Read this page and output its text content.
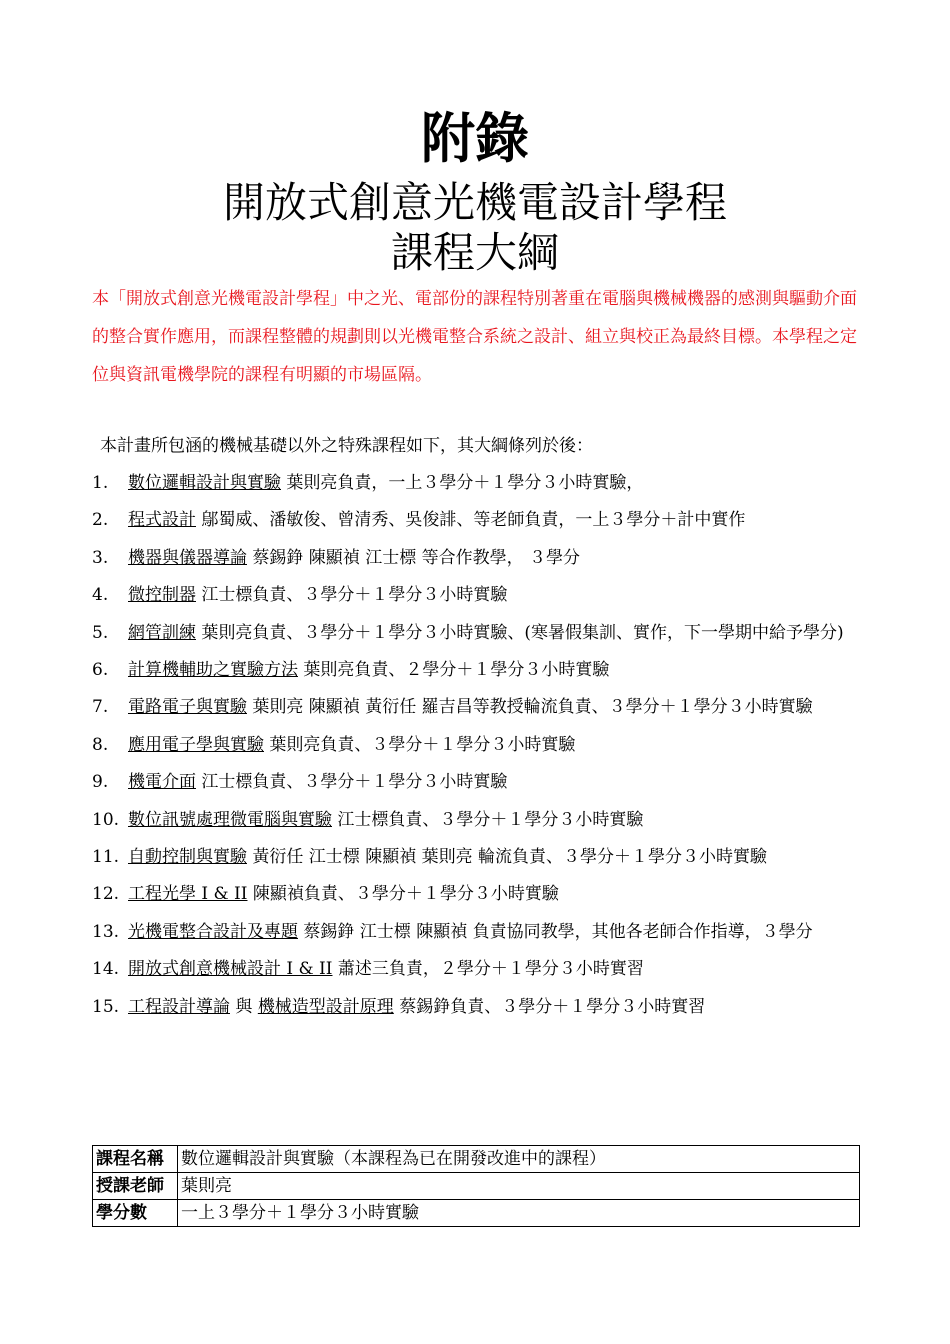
附錄
開放式創意光機電設計學程
課程大綱

本「開放式創意光機電設計學程」中之光、電部份的課程特別著重在電腦與機械機器的感測與驅動介面的整合實作應用，而課程整體的規劃則以光機電整合系統之設計、組立與校正為最終目標。本學程之定位與資訊電機學院的課程有明顯的市場區隔。

本計畫所包涵的機械基礎以外之特殊課程如下，其大綱條列於後：

1.	數位邏輯設計與實驗 葉則亮負責，一上３學分＋１學分３小時實驗，
2.	程式設計 鄔蜀威、潘敏俊、曾清秀、吳俊誹、等老師負責，一上３學分＋計中實作
3.	機器與儀器導論 蔡錫錚 陳顯禎 江士標 等合作教學， ３學分
4.	微控制器 江士標負責、３學分＋１學分３小時實驗
5.	網管訓練 葉則亮負責、３學分＋１學分３小時實驗、(寒暑假集訓、實作，下一學期中給予學分)
6.	計算機輔助之實驗方法 葉則亮負責、２學分＋１學分３小時實驗
7.	電路電子與實驗 葉則亮 陳顯禎 黃衍任 羅吉昌等教授輪流負責、３學分＋１學分３小時實驗
8.	應用電子學與實驗 葉則亮負責、３學分＋１學分３小時實驗
9.	機電介面 江士標負責、３學分＋１學分３小時實驗
10. 數位訊號處理微電腦與實驗 江士標負責、３學分＋１學分３小時實驗
11. 自動控制與實驗 黃衍任 江士標 陳顯禎 葉則亮 輪流負責、３學分＋１學分３小時實驗
12. 工程光學 I & II 陳顯禎負責、３學分＋１學分３小時實驗
13. 光機電整合設計及專題 蔡錫錚 江士標 陳顯禎 負責協同教學，其他各老師合作指導，３學分
14. 開放式創意機械設計 I & II 蕭述三負責，２學分＋１學分３小時實習
15. 工程設計導論 與 機械造型設計原理 蔡錫錚負責、３學分＋１學分３小時實習
課程名稱	數位邏輯設計與實驗（本課程為已在開發改進中的課程）
授課老師	葉則亮
學分數	一上３學分＋１學分３小時實驗
